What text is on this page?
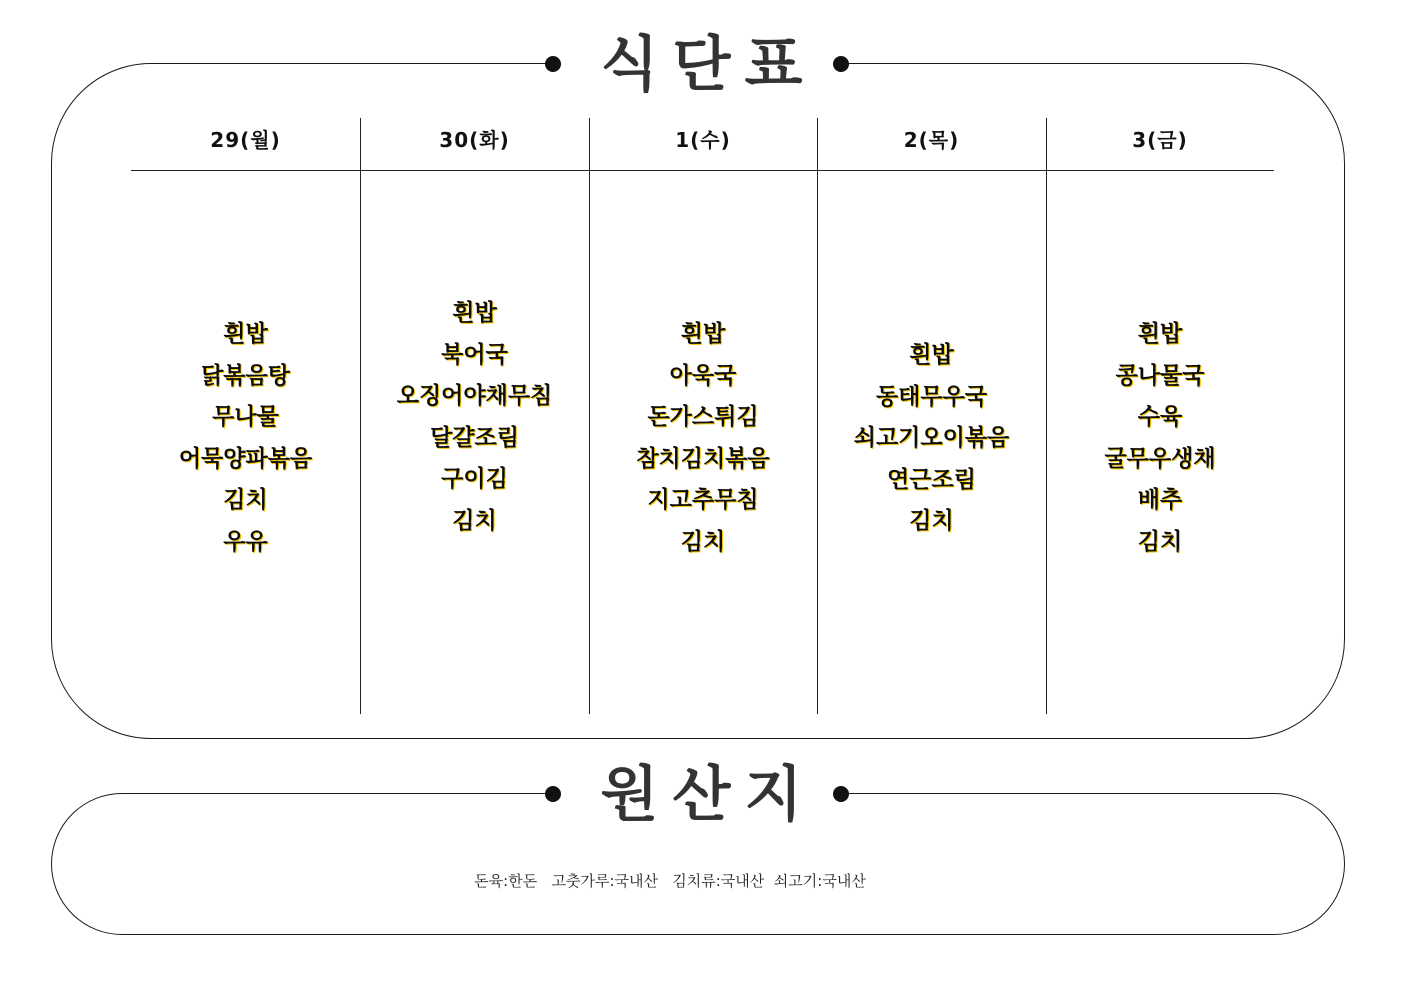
식단표
29(월)
흰밥
닭볶음탕
무나물
어묵양파볶음
김치
우유
30(화)
흰밥
북어국
오징어야채무침
달걀조림
구이김
김치
1(수)
흰밥
아욱국
돈가스튀김
참치김치볶음
지고추무침
김치
2(목)
흰밥
동태무우국
쇠고기오이볶음
연근조림
김치
3(금)
흰밥
콩나물국
수육
굴무우생채
배추
김치
원산지
돈육:한돈   고춧가루:국내산   김치류:국내산  쇠고기:국내산
